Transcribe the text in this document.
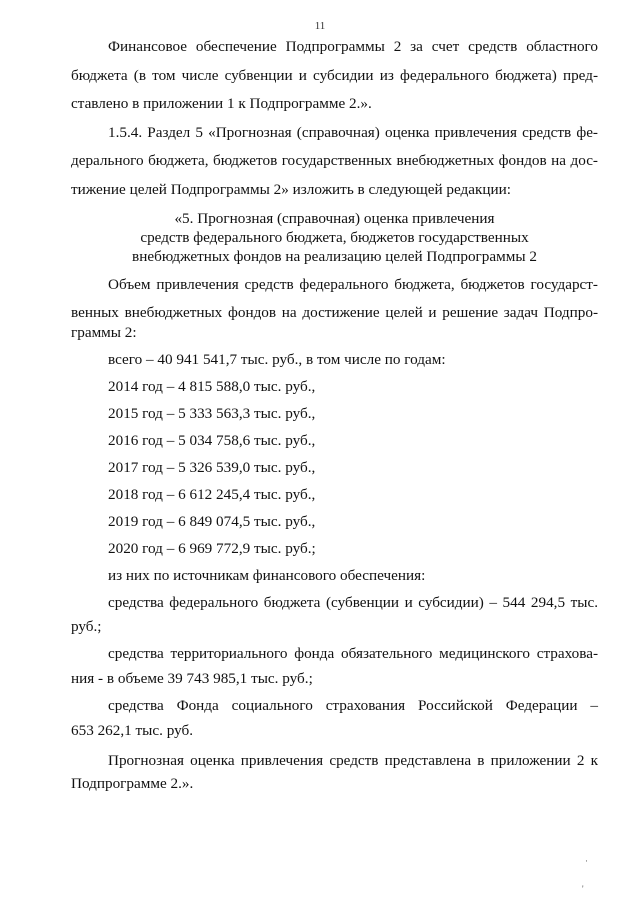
11
Финансовое обеспечение Подпрограммы 2 за счет средств областного
бюджета (в том числе субвенции и субсидии из федерального бюджета) пред-
ставлено в приложении 1 к Подпрограмме 2.».
1.5.4. Раздел 5 «Прогнозная (справочная) оценка привлечения средств фе-
дерального бюджета, бюджетов государственных внебюджетных фондов на дос-
тижение целей Подпрограммы 2» изложить в следующей редакции:
«5. Прогнозная (справочная) оценка привлечения
средств федерального бюджета, бюджетов государственных
внебюджетных фондов на реализацию целей Подпрограммы 2
Объем привлечения средств федерального бюджета, бюджетов государст-
венных внебюджетных фондов на достижение целей и решение задач Подпро-
граммы 2:
всего – 40 941 541,7 тыс. руб., в том числе по годам:
2014 год – 4 815 588,0 тыс. руб.,
2015 год – 5 333 563,3 тыс. руб.,
2016 год – 5 034 758,6 тыс. руб.,
2017 год – 5 326 539,0 тыс. руб.,
2018 год – 6 612 245,4 тыс. руб.,
2019 год – 6 849 074,5 тыс. руб.,
2020 год – 6 969 772,9 тыс. руб.;
из них по источникам финансового обеспечения:
средства федерального бюджета (субвенции и субсидии) – 544 294,5 тыс.
руб.;
средства территориального фонда обязательного медицинского страхова-
ния - в объеме 39 743 985,1 тыс. руб.;
средства Фонда социального страхования Российской Федерации –
653 262,1 тыс. руб.
Прогнозная оценка привлечения средств представлена в приложении 2 к
Подпрограмме 2.».
·
'
